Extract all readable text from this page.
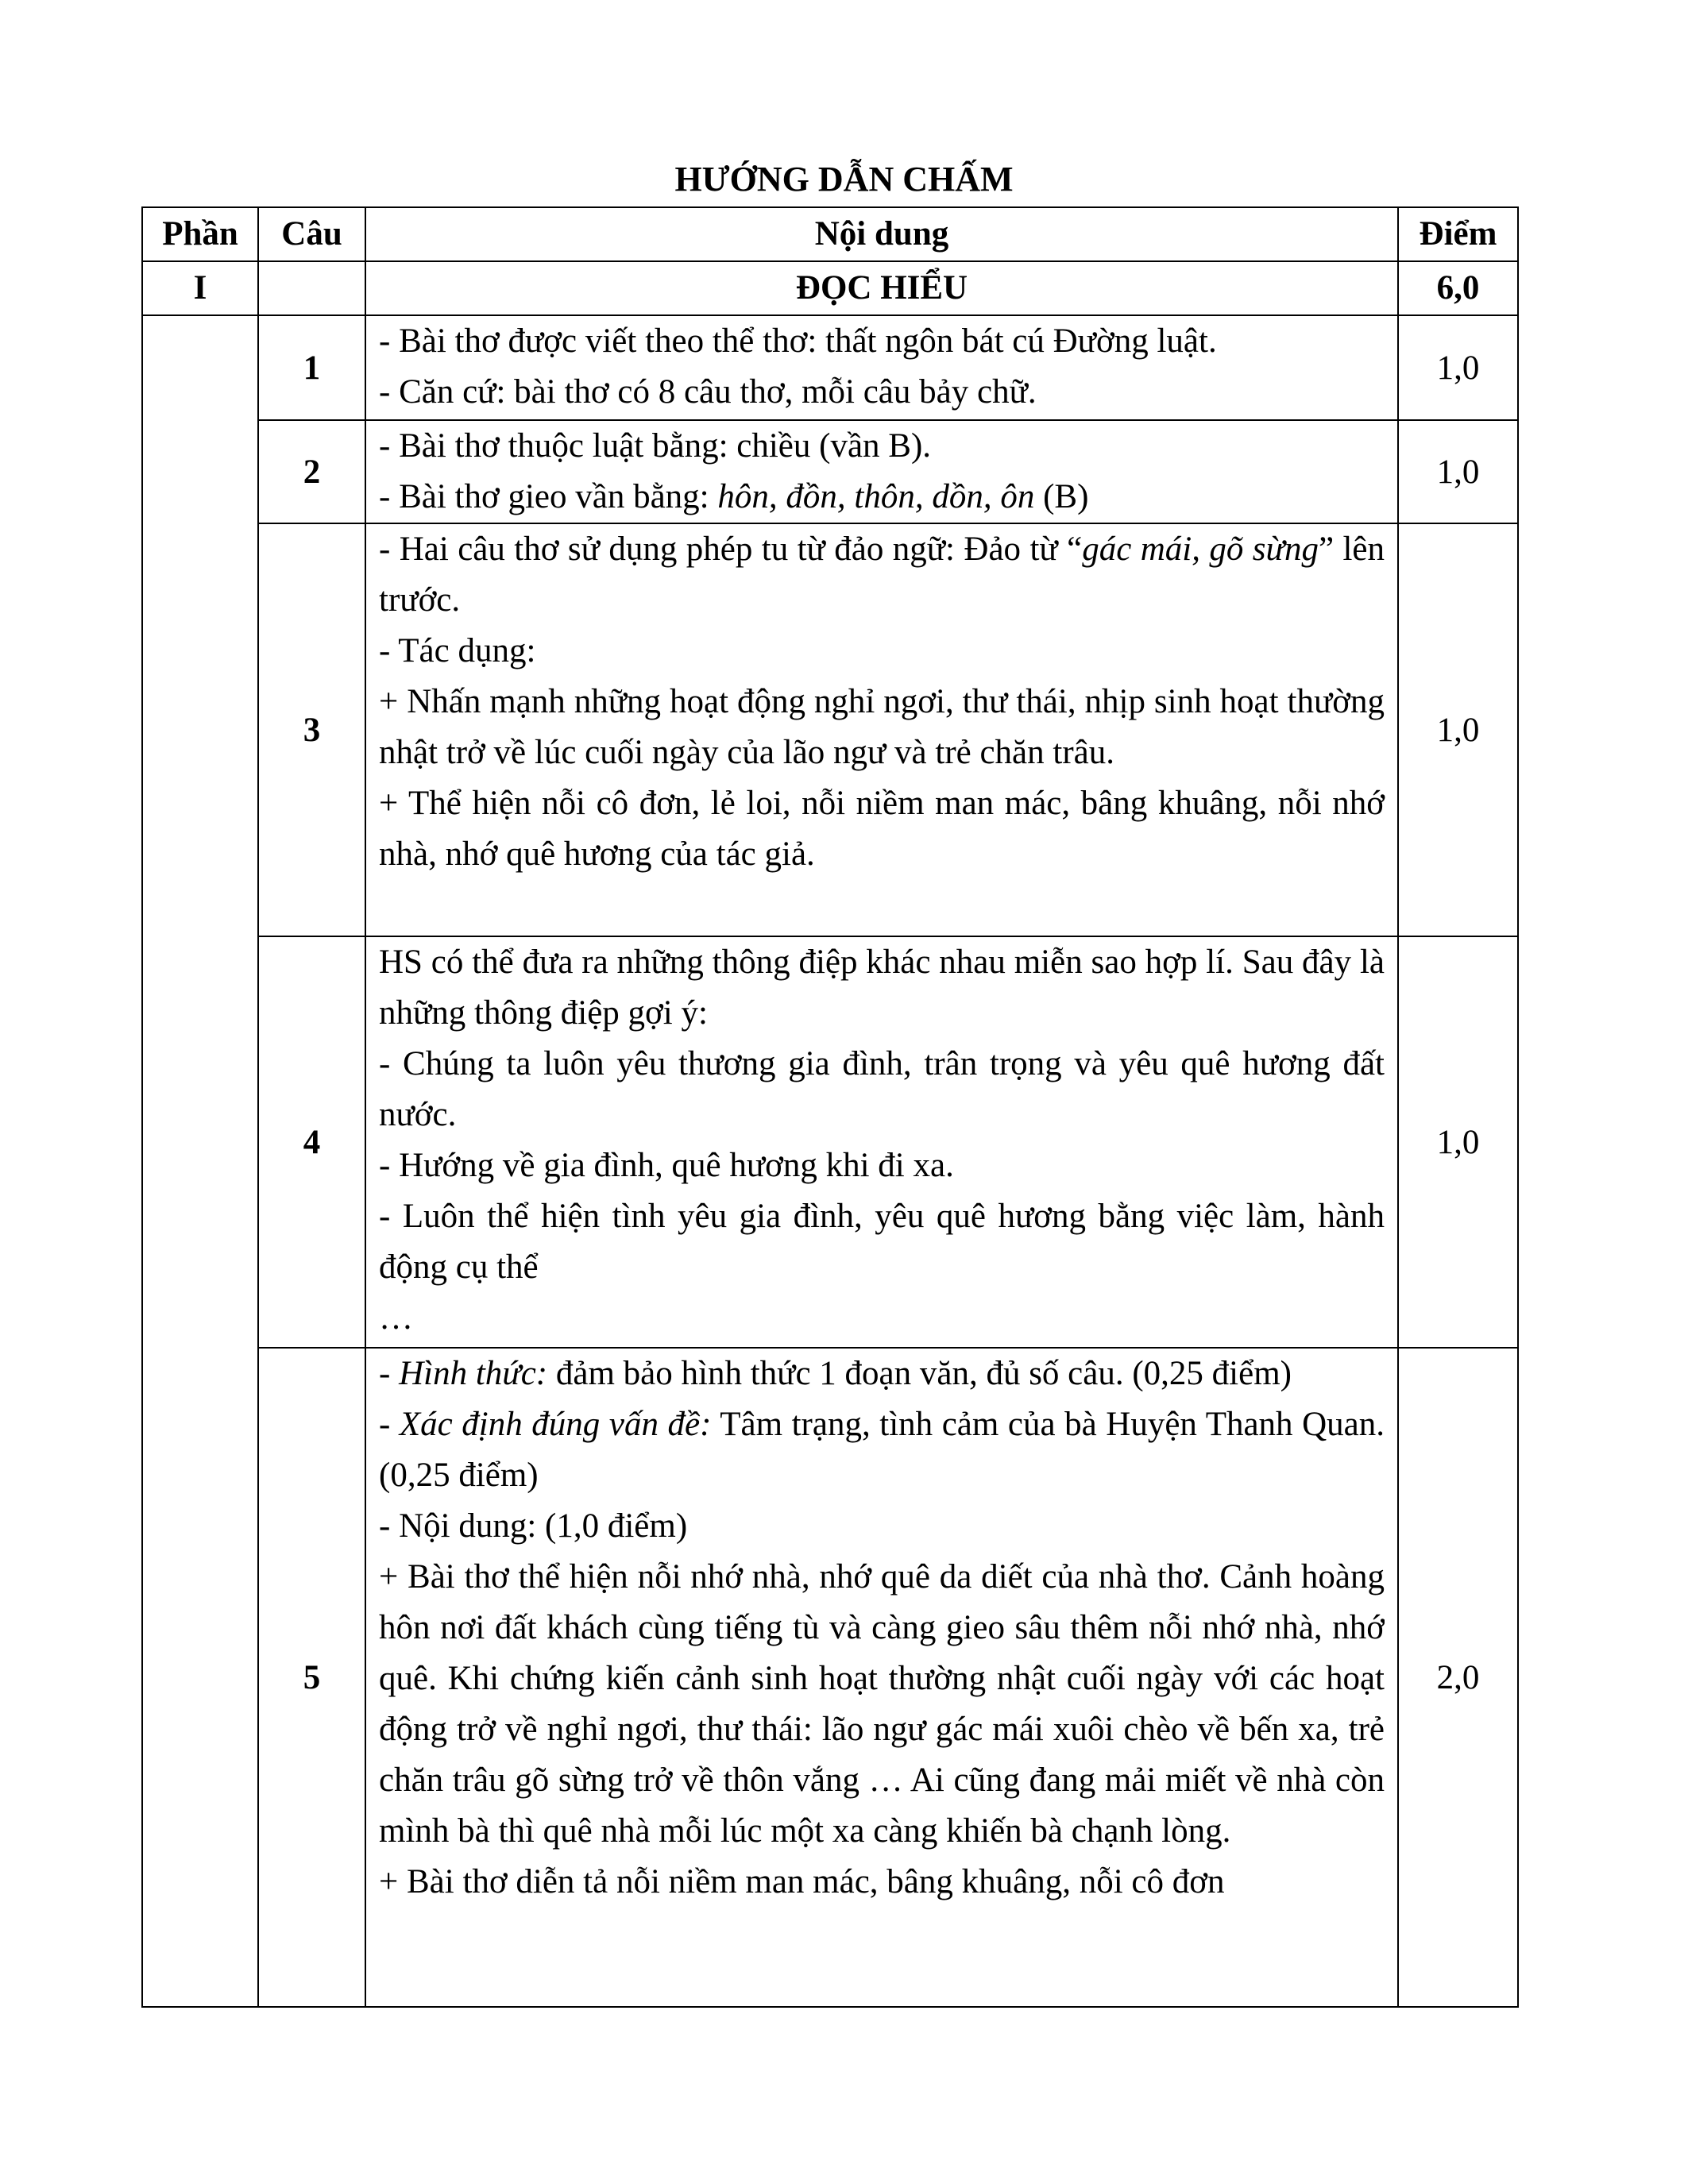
HƯỚNG DẪN CHẤM
Phần	Câu	Nội dung	Điểm
I		ĐỌC HIỂU	6,0
	1	- Bài thơ được viết theo thể thơ: thất ngôn bát cú Đường luật.
- Căn cứ: bài thơ có 8 câu thơ, mỗi câu bảy chữ.	1,0
	2	- Bài thơ thuộc luật bằng: chiều (vần B).
- Bài thơ gieo vần bằng: hôn, đồn, thôn, dồn, ôn (B)	1,0
	3	- Hai câu thơ sử dụng phép tu từ đảo ngữ: Đảo từ “gác mái, gõ sừng” lên trước.
- Tác dụng:
+ Nhấn mạnh những hoạt động nghỉ ngơi, thư thái, nhịp sinh hoạt thường nhật trở về lúc cuối ngày của lão ngư và trẻ chăn trâu.
+ Thể hiện nỗi cô đơn, lẻ loi, nỗi niềm man mác, bâng khuâng, nỗi nhớ nhà, nhớ quê hương của tác giả.	1,0
	4	HS có thể đưa ra những thông điệp khác nhau miễn sao hợp lí. Sau đây là những thông điệp gợi ý:
- Chúng ta luôn yêu thương gia đình, trân trọng và yêu quê hương đất nước.
- Hướng về gia đình, quê hương khi đi xa.
- Luôn thể hiện tình yêu gia đình, yêu quê hương bằng việc làm, hành động cụ thể
…	1,0
	5	- Hình thức: đảm bảo hình thức 1 đoạn văn, đủ số câu. (0,25 điểm)
- Xác định đúng vấn đề: Tâm trạng, tình cảm của bà Huyện Thanh Quan. (0,25 điểm)
- Nội dung: (1,0 điểm)
+ Bài thơ thể hiện nỗi nhớ nhà, nhớ quê da diết của nhà thơ. Cảnh hoàng hôn nơi đất khách cùng tiếng tù và càng gieo sâu thêm nỗi nhớ nhà, nhớ quê. Khi chứng kiến cảnh sinh hoạt thường nhật cuối ngày với các hoạt động trở về nghỉ ngơi, thư thái: lão ngư gác mái xuôi chèo về bến xa, trẻ chăn trâu gõ sừng trở về thôn vắng … Ai cũng đang mải miết về nhà còn mình bà thì quê nhà mỗi lúc một xa càng khiến bà chạnh lòng.
+ Bài thơ diễn tả nỗi niềm man mác, bâng khuâng, nỗi cô đơn	2,0
